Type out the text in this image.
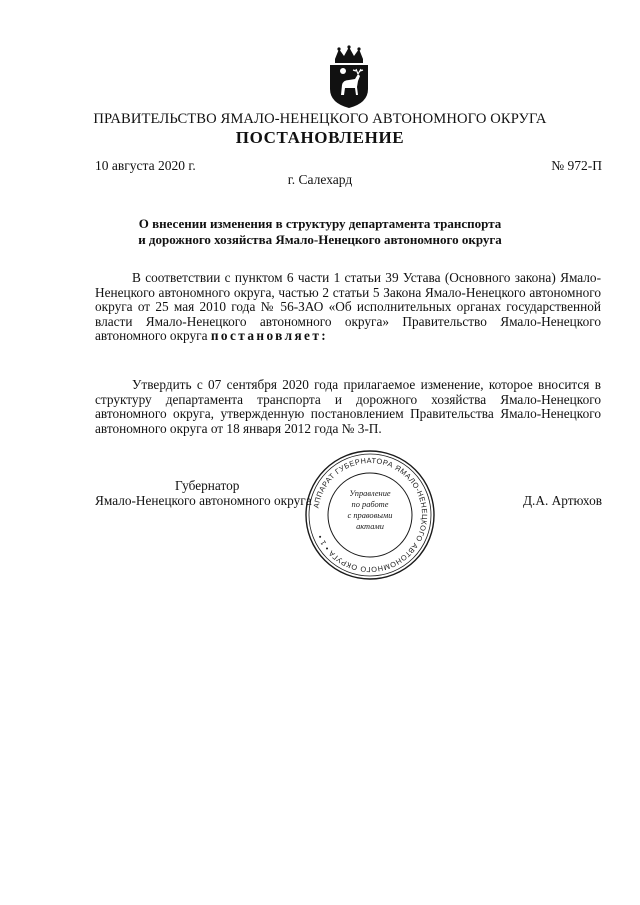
ПРАВИТЕЛЬСТВО ЯМАЛО-НЕНЕЦКОГО АВТОНОМНОГО ОКРУГА
ПОСТАНОВЛЕНИЕ
10 августа 2020 г.	№ 972-П
г. Салехард
О внесении изменения в структуру департамента транспорта
и дорожного хозяйства Ямало-Ненецкого автономного округа

В соответствии с пунктом 6 части 1 статьи 39 Устава (Основного закона) Ямало-Ненецкого автономного округа, частью 2 статьи 5 Закона Ямало-Ненецкого автономного округа от 25 мая 2010 года № 56-ЗАО «Об исполнительных органах государственной власти Ямало-Ненецкого автономного округа» Правительство Ямало-Ненецкого автономного округа постановляет:

Утвердить с 07 сентября 2020 года прилагаемое изменение, которое вносится в структуру департамента транспорта и дорожного хозяйства Ямало-Ненецкого автономного округа, утвержденную постановлением Правительства Ямало-Ненецкого автономного округа от 18 января 2012 года № 3-П.

Губернатор
Ямало-Ненецкого автономного округа	Д.А. Артюхов
АППАРАТ ГУБЕРНАТОРА ЯМАЛО-НЕНЕЦКОГО АВТОНОМНОГО ОКРУГА • 1 •
Управление
по работе
с правовыми
актами
